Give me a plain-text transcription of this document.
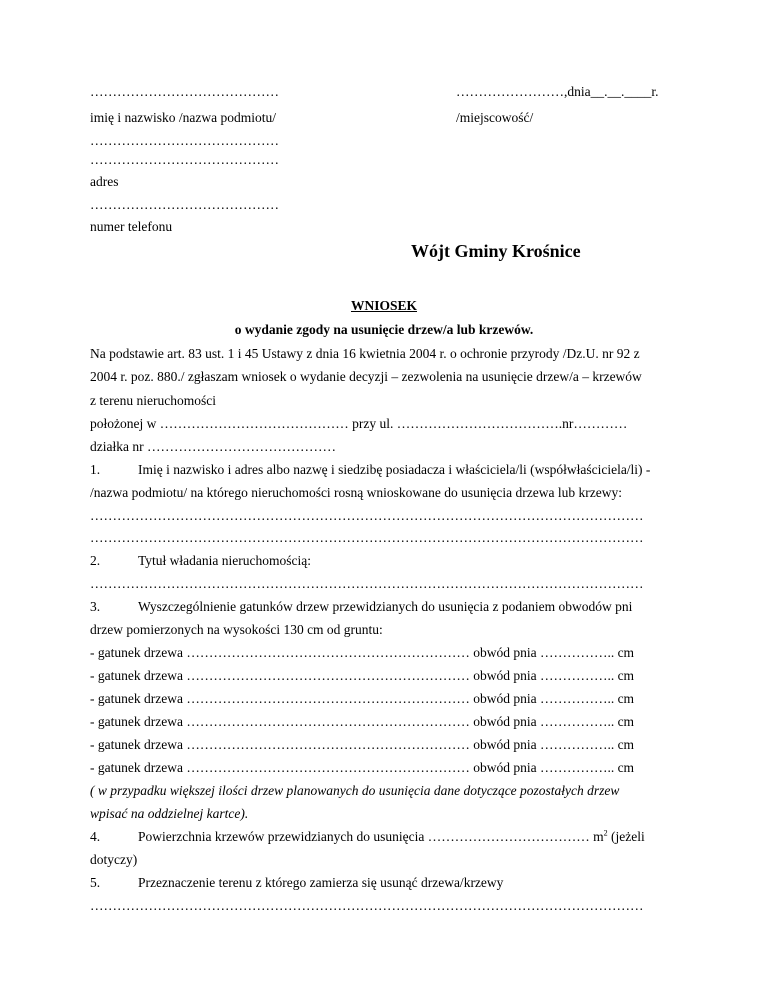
……………………………………
imię i nazwisko /nazwa podmiotu/
……………………………………
……………………………………
adres
……………………………………
numer telefonu
……………………,dnia__.__.____r.
/miejscowość/
Wójt Gminy Krośnice
WNIOSEK
o wydanie zgody na usunięcie drzew/a lub krzewów.
Na podstawie art. 83 ust. 1 i 45 Ustawy z dnia 16 kwietnia 2004 r. o ochronie przyrody /Dz.U. nr 92 z
2004 r. poz. 880./ zgłaszam wniosek o wydanie decyzji – zezwolenia na usunięcie drzew/a – krzewów
z terenu nieruchomości
położonej w …………………………………… przy ul. ……………………………….nr…………
działka nr ……………………………………
1.	Imię i nazwisko i adres albo nazwę i siedzibę posiadacza i właściciela/li (współwłaściciela/li) -
/nazwa podmiotu/ na którego nieruchomości rosną wnioskowane do usunięcia drzewa lub krzewy:
……………………………………………………………………………………………………………
……………………………………………………………………………………………………………
2.	Tytuł władania nieruchomością:
……………………………………………………………………………………………………………
3.	Wyszczególnienie gatunków drzew przewidzianych do usunięcia z podaniem obwodów pni
drzew pomierzonych na wysokości 130 cm od gruntu:
- gatunek drzewa ……………………………………………………… obwód pnia …………….. cm
- gatunek drzewa ……………………………………………………… obwód pnia …………….. cm
- gatunek drzewa ……………………………………………………… obwód pnia …………….. cm
- gatunek drzewa ……………………………………………………… obwód pnia …………….. cm
- gatunek drzewa ……………………………………………………… obwód pnia …………….. cm
- gatunek drzewa ……………………………………………………… obwód pnia …………….. cm
( w przypadku większej ilości drzew planowanych do usunięcia dane dotyczące pozostałych drzew
wpisać na oddzielnej kartce).
4.	Powierzchnia krzewów przewidzianych do usunięcia ……………………………… $m^2$ (jeżeli
dotyczy)
5.	Przeznaczenie terenu z którego zamierza się usunąć drzewa/krzewy
……………………………………………………………………………………………………………
